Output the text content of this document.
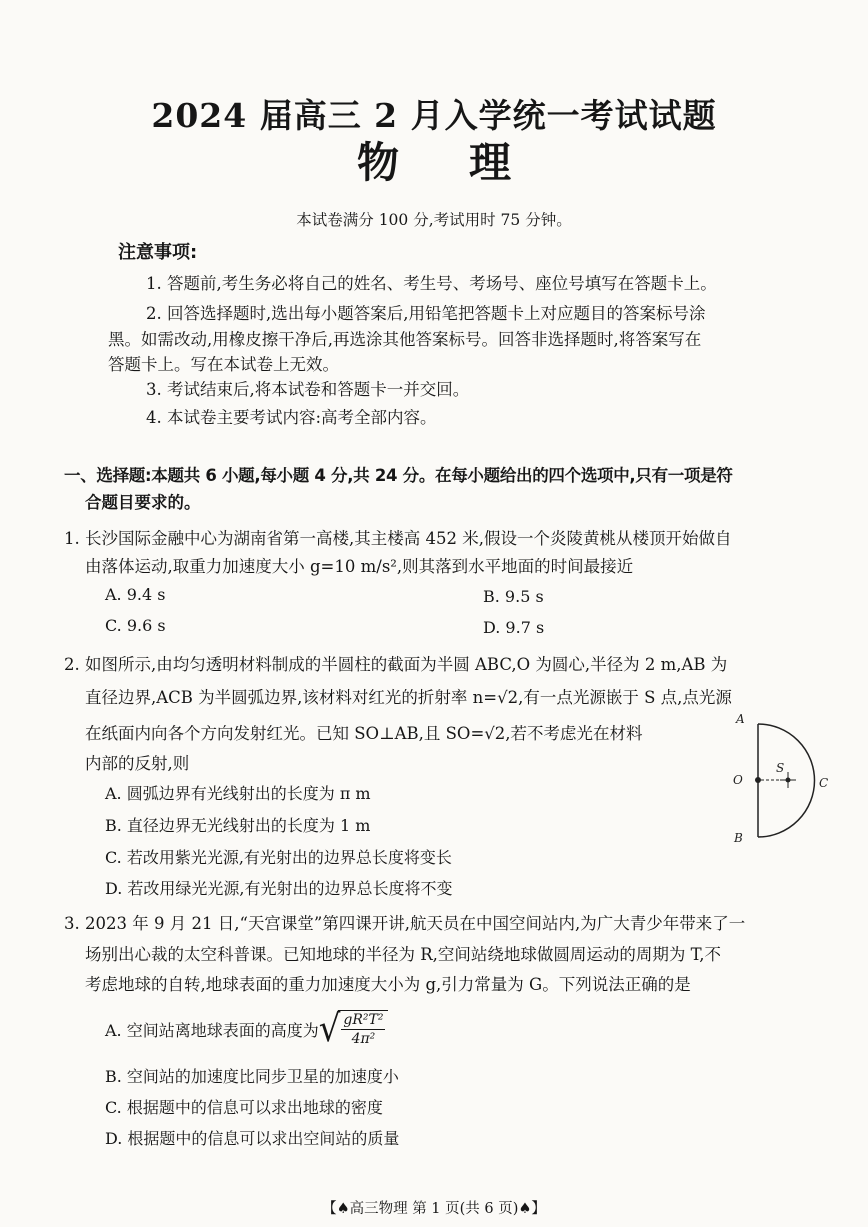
2024 届高三 2 月入学统一考试试题
物 理
本试卷满分 100 分,考试用时 75 分钟。
注意事项:
1. 答题前,考生务必将自己的姓名、考生号、考场号、座位号填写在答题卡上。
2. 回答选择题时,选出每小题答案后,用铅笔把答题卡上对应题目的答案标号涂
黑。如需改动,用橡皮擦干净后,再选涂其他答案标号。回答非选择题时,将答案写在
答题卡上。写在本试卷上无效。
3. 考试结束后,将本试卷和答题卡一并交回。
4. 本试卷主要考试内容:高考全部内容。
一、选择题:本题共 6 小题,每小题 4 分,共 24 分。在每小题给出的四个选项中,只有一项是符
合题目要求的。
1. 长沙国际金融中心为湖南省第一高楼,其主楼高 452 米,假设一个炎陵黄桃从楼顶开始做自
由落体运动,取重力加速度大小 g=10 m/s²,则其落到水平地面的时间最接近
A. 9.4 s	B. 9.5 s
C. 9.6 s	D. 9.7 s
2. 如图所示,由均匀透明材料制成的半圆柱的截面为半圆 ABC,O 为圆心,半径为 2 m,AB 为
直径边界,ACB 为半圆弧边界,该材料对红光的折射率 n=√2,有一点光源嵌于 S 点,点光源
在纸面内向各个方向发射红光。已知 SO⊥AB,且 SO=√2,若不考虑光在材料
内部的反射,则
A. 圆弧边界有光线射出的长度为 π m
B. 直径边界无光线射出的长度为 1 m
C. 若改用紫光光源,有光射出的边界总长度将变长
D. 若改用绿光光源,有光射出的边界总长度将不变
A
O
S
C
B
3. 2023 年 9 月 21 日,“天宫课堂”第四课开讲,航天员在中国空间站内,为广大青少年带来了一
场别出心裁的太空科普课。已知地球的半径为 R,空间站绕地球做圆周运动的周期为 T,不
考虑地球的自转,地球表面的重力加速度大小为 g,引力常量为 G。下列说法正确的是
A. 空间站离地球表面的高度为 √
$\frac{\text{gR²T²}}{\text{4π²}}$
B. 空间站的加速度比同步卫星的加速度小
C. 根据题中的信息可以求出地球的密度
D. 根据题中的信息可以求出空间站的质量
【♠高三物理 第 1 页(共 6 页)♠】
